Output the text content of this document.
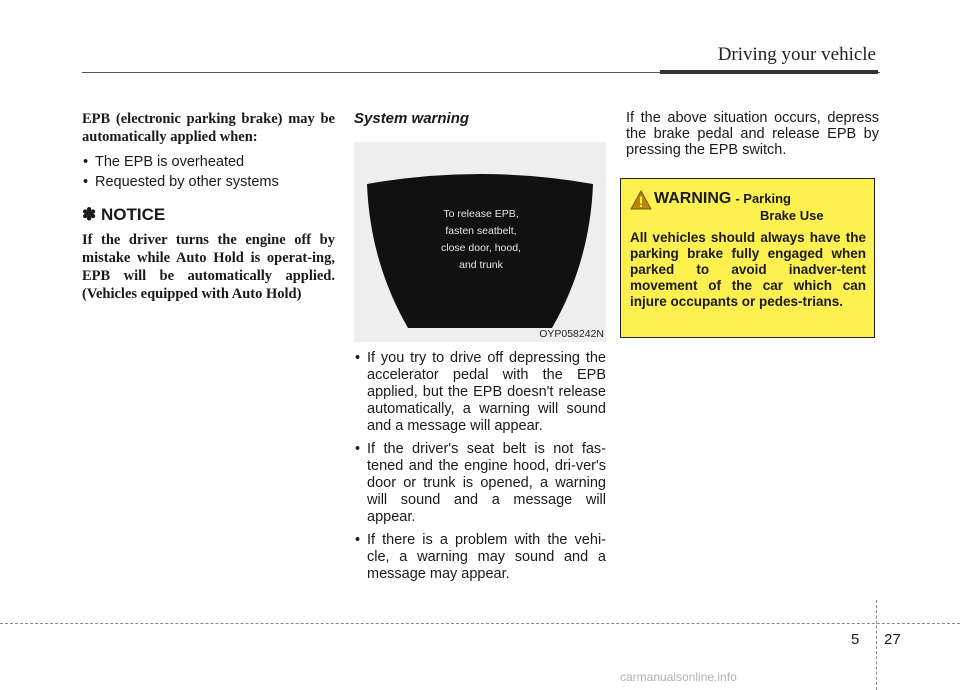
Driving your vehicle
EPB (electronic parking brake) may be automatically applied when:
• The EPB is overheated
• Requested by other systems
✽ NOTICE
If the driver turns the engine off by mistake while Auto Hold is operat-ing, EPB will be automatically applied. (Vehicles equipped with Auto Hold)
System warning
To release EPB,
fasten seatbelt,
close door, hood,
and trunk
OYP058242N
• If you try to drive off depressing the accelerator pedal with the EPB applied, but the EPB doesn't release automatically, a warning will sound and a message will appear.
• If the driver's seat belt is not fas-tened and the engine hood, dri-ver's door or trunk is opened, a warning will sound and a message will appear.
• If there is a problem with the vehi-cle, a warning may sound and a message may appear.
If the above situation occurs, depress the brake pedal and release EPB by pressing the EPB switch.
WARNING - Parking
Brake Use
All vehicles should always have the parking brake fully engaged when parked to avoid inadver-tent movement of the car which can injure occupants or pedes-trians.
5 27
carmanualsonline.info
